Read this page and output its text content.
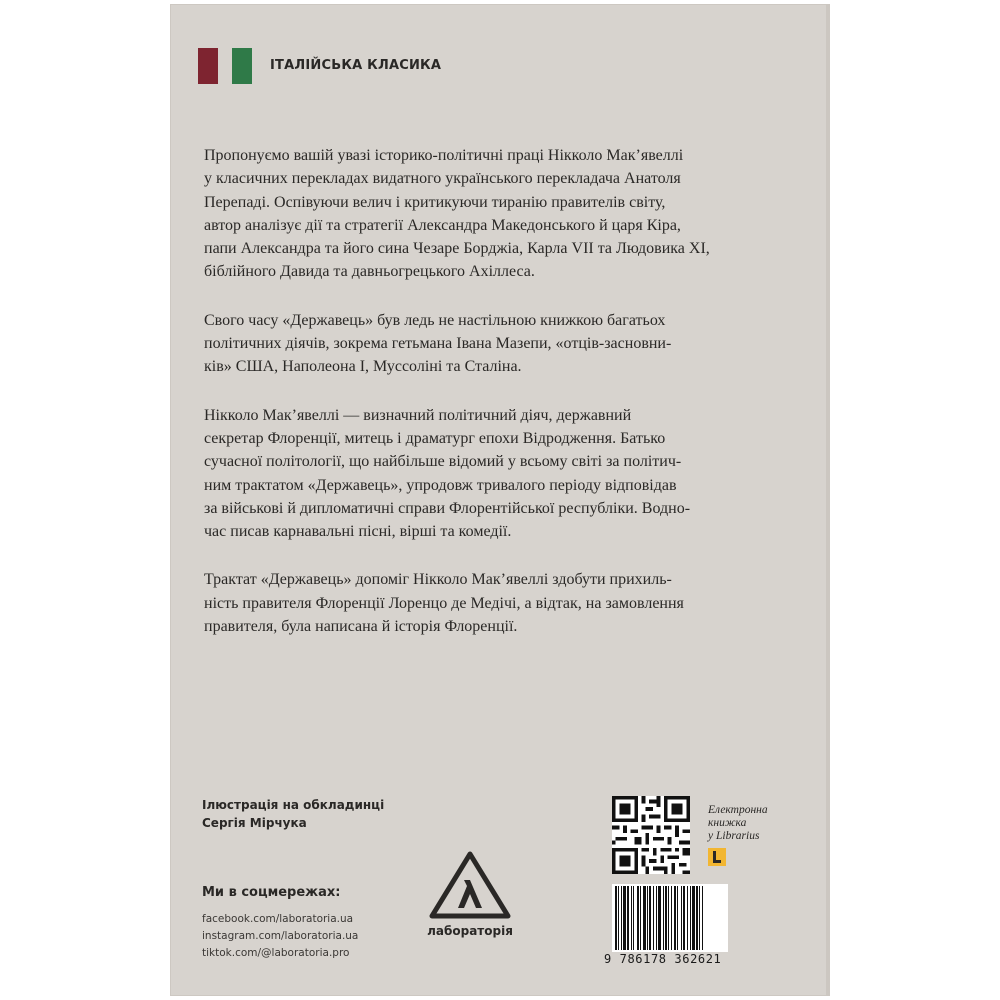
ІТАЛІЙСЬКА КЛАСИКА

Пропонуємо вашій увазі історико-політичні праці Нікколо Мак’явеллі
у класичних перекладах видатного українського перекладача Анатоля
Перепаді. Оспівуючи велич і критикуючи тиранію правителів світу,
автор аналізує дії та стратегії Александра Македонського й царя Кіра,
папи Александра та його сина Чезаре Борджіа, Карла VII та Людовика XI,
біблійного Давида та давньогрецького Ахіллеса.

Свого часу «Державець» був ледь не настільною книжкою багатьох
політичних діячів, зокрема гетьмана Івана Мазепи, «отців-засновни-
ків» США, Наполеона І, Муссоліні та Сталіна.

Нікколо Мак’явеллі — визначний політичний діяч, державний
секретар Флоренції, митець і драматург епохи Відродження. Батько
сучасної політології, що найбільше відомий у всьому світі за політич-
ним трактатом «Державець», упродовж тривалого періоду відповідав
за військові й дипломатичні справи Флорентійської республіки. Водно-
час писав карнавальні пісні, вірші та комедії.

Трактат «Державець» допоміг Нікколо Мак’явеллі здобути прихиль-
ність правителя Флоренції Лоренцо де Медічі, а відтак, на замовлення
правителя, була написана й історія Флоренції.

Ілюстрація на обкладинці
Сергія Мірчука
Ми в соцмережах:
facebook.com/laboratoria.ua
instagram.com/laboratoria.ua
tiktok.com/@laboratoria.pro
лабораторія
Електронна
книжка
у Librarius
9 786178 362621
